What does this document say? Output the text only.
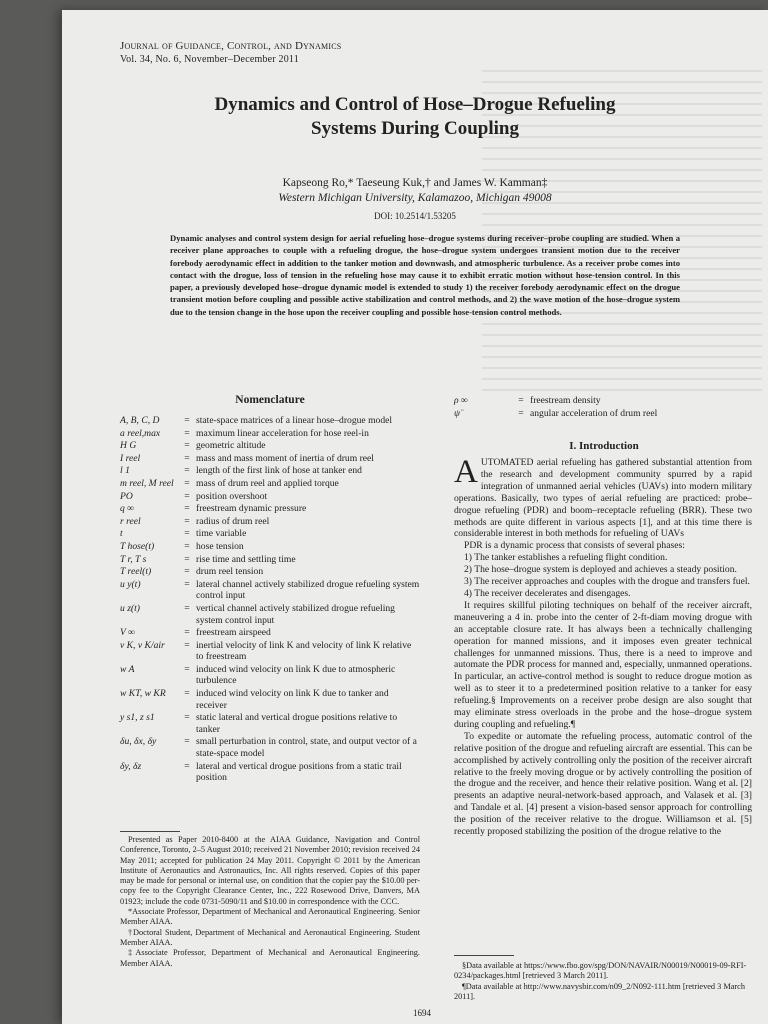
Journal of Guidance, Control, and Dynamics
Vol. 34, No. 6, November–December 2011
Dynamics and Control of Hose–Drogue Refueling
Systems During Coupling
Kapseong Ro,* Taeseung Kuk,† and James W. Kamman‡
Western Michigan University, Kalamazoo, Michigan 49008
DOI: 10.2514/1.53205
Dynamic analyses and control system design for aerial refueling hose–drogue systems during receiver–probe coupling are studied. When a receiver plane approaches to couple with a refueling drogue, the hose–drogue system undergoes transient motion due to the receiver forebody aerodynamic effect in addition to the tanker motion and downwash, and atmospheric turbulence. As a receiver probe comes into contact with the drogue, loss of tension in the refueling hose may cause it to exhibit erratic motion without hose-tension control. In this paper, a previously developed hose–drogue dynamic model is extended to study 1) the receiver forebody aerodynamic effect on the drogue transient motion before coupling and possible active stabilization and control methods, and 2) the wave motion of the hose–drogue system due to the tension change in the hose upon the receiver coupling and possible hose-tension control methods.
Nomenclature
A, B, C, D	= state-space matrices of a linear hose–drogue model
a reel,max	= maximum linear acceleration for hose reel-in
H G	= geometric altitude
I reel	= mass and mass moment of inertia of drum reel
l 1	= length of the first link of hose at tanker end
m reel, M reel	= mass of drum reel and applied torque
PO	= position overshoot
q ∞	= freestream dynamic pressure
r reel	= radius of drum reel
t	= time variable
T hose(t)	= hose tension
T r, T s	= rise time and settling time
T reel(t)	= drum reel tension
u y(t)	= lateral channel actively stabilized drogue refueling system control input
u z(t)	= vertical channel actively stabilized drogue refueling system control input
V ∞	= freestream airspeed
v K, v K/air	= inertial velocity of link K and velocity of link K relative to freestream
w A	= induced wind velocity on link K due to atmospheric turbulence
w KT, w KR	= induced wind velocity on link K due to tanker and receiver
y s1, z s1	= static lateral and vertical drogue positions relative to tanker
δu, δx, δy	= small perturbation in control, state, and output vector of a state-space model
δy, δz	= lateral and vertical drogue positions from a static trail position
ρ ∞	= freestream density
ψ̈	= angular acceleration of drum reel
I. Introduction

AUTOMATED aerial refueling has gathered substantial attention from the research and development community spurred by a rapid integration of unmanned aerial vehicles (UAVs) into modern military operations. Basically, two types of aerial refueling are practiced: probe–drogue refueling (PDR) and boom–receptacle refueling (BRR). These two methods are quite different in various aspects [1], and at this time there is considerable interest in both methods for refueling of UAVs

PDR is a dynamic process that consists of several phases:

1) The tanker establishes a refueling flight condition.

2) The hose–drogue system is deployed and achieves a steady position.

3) The receiver approaches and couples with the drogue and transfers fuel.

4) The receiver decelerates and disengages.

It requires skillful piloting techniques on behalf of the receiver aircraft, maneuvering a 4 in. probe into the center of 2-ft-diam moving drogue with an acceptable closure rate. It has always been a technically challenging operation for manned missions, and it imposes even greater technical challenges for unmanned missions. Thus, there is a need to improve and automate the PDR process for manned and, especially, unmanned operations. In particular, an active-control method is sought to reduce drogue motion as well as to steer it to a predetermined position relative to a tanker for easy refueling.§ Improvements on a receiver probe design are also sought that may eliminate stress overloads in the probe and the hose–drogue system during coupling and refueling.¶

To expedite or automate the refueling process, automatic control of the relative position of the drogue and refueling aircraft are essential. This can be accomplished by actively controlling only the position of the receiver aircraft relative to the freely moving drogue or by actively controlling the position of the drogue and the receiver, and hence their relative position. Wang et al. [2] presents an adaptive neural-network-based approach, and Valasek et al. [3] and Tandale et al. [4] present a vision-based sensor approach for controlling the position of the receiver relative to the drogue. Williamson et al. [5] recently proposed stabilizing the position of the drogue relative to the

Presented as Paper 2010-8400 at the AIAA Guidance, Navigation and Control Conference, Toronto, 2–5 August 2010; received 21 November 2010; revision received 24 May 2011; accepted for publication 24 May 2011. Copyright © 2011 by the American Institute of Aeronautics and Astronautics, Inc. All rights reserved. Copies of this paper may be made for personal or internal use, on condition that the copier pay the $10.00 per-copy fee to the Copyright Clearance Center, Inc., 222 Rosewood Drive, Danvers, MA 01923; include the code 0731-5090/11 and $10.00 in correspondence with the CCC.

*Associate Professor, Department of Mechanical and Aeronautical Engineering. Senior Member AIAA.

†Doctoral Student, Department of Mechanical and Aeronautical Engineering. Student Member AIAA.

‡Associate Professor, Department of Mechanical and Aeronautical Engineering. Member AIAA.	§Data available at https://www.fbo.gov/spg/DON/NAVAIR/N00019/N00019-09-RFI-0234/packages.html [retrieved 3 March 2011].

¶Data available at http://www.navysbir.com/n09_2/N092-111.htm [retrieved 3 March 2011].

1694
